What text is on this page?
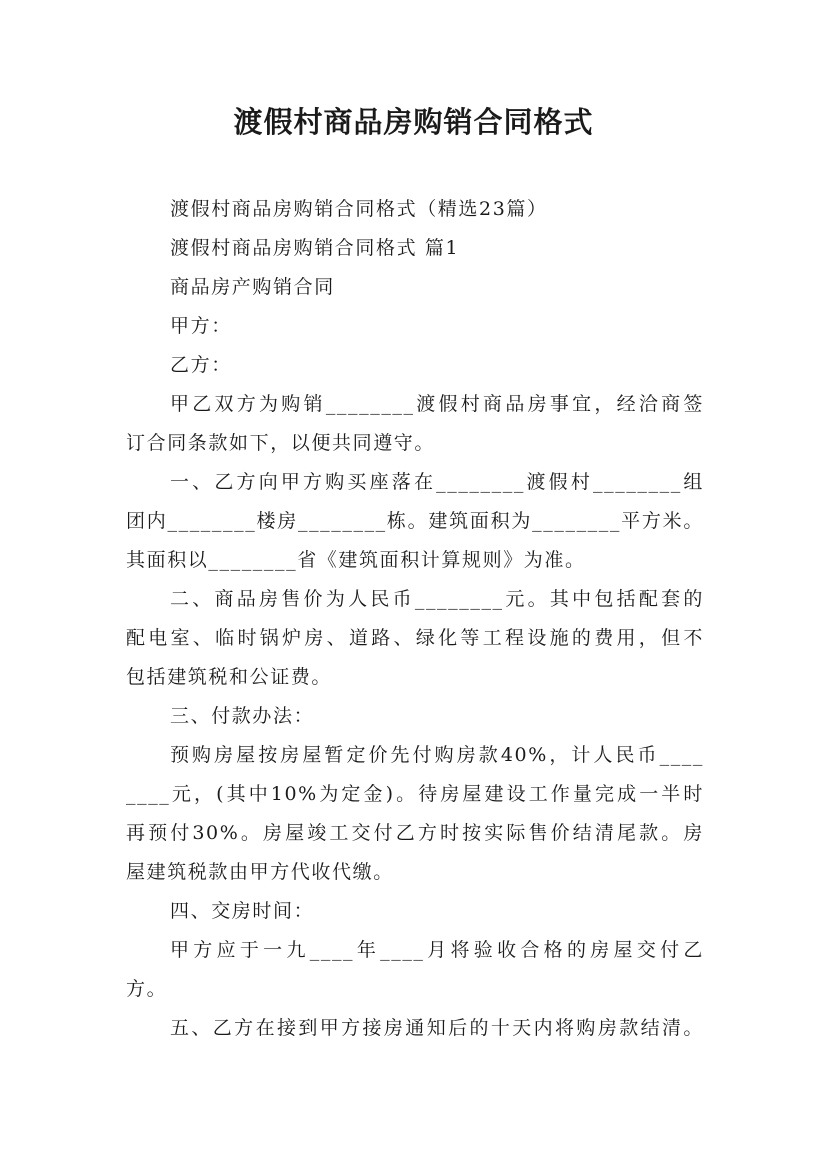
渡假村商品房购销合同格式
渡假村商品房购销合同格式（精选23篇）
渡假村商品房购销合同格式 篇1
商品房产购销合同
甲方：
乙方：
甲乙双方为购销________渡假村商品房事宜，经洽商签
订合同条款如下，以便共同遵守。
一、乙方向甲方购买座落在________渡假村________组
团内________楼房________栋。建筑面积为________平方米。
其面积以________省《建筑面积计算规则》为准。
二、商品房售价为人民币________元。其中包括配套的
配电室、临时锅炉房、道路、绿化等工程设施的费用，但不
包括建筑税和公证费。
三、付款办法：
预购房屋按房屋暂定价先付购房款40%，计人民币____
____元，(其中10%为定金)。待房屋建设工作量完成一半时
再预付30%。房屋竣工交付乙方时按实际售价结清尾款。房
屋建筑税款由甲方代收代缴。
四、交房时间：
甲方应于一九____年____月将验收合格的房屋交付乙
方。
五、乙方在接到甲方接房通知后的十天内将购房款结清。
